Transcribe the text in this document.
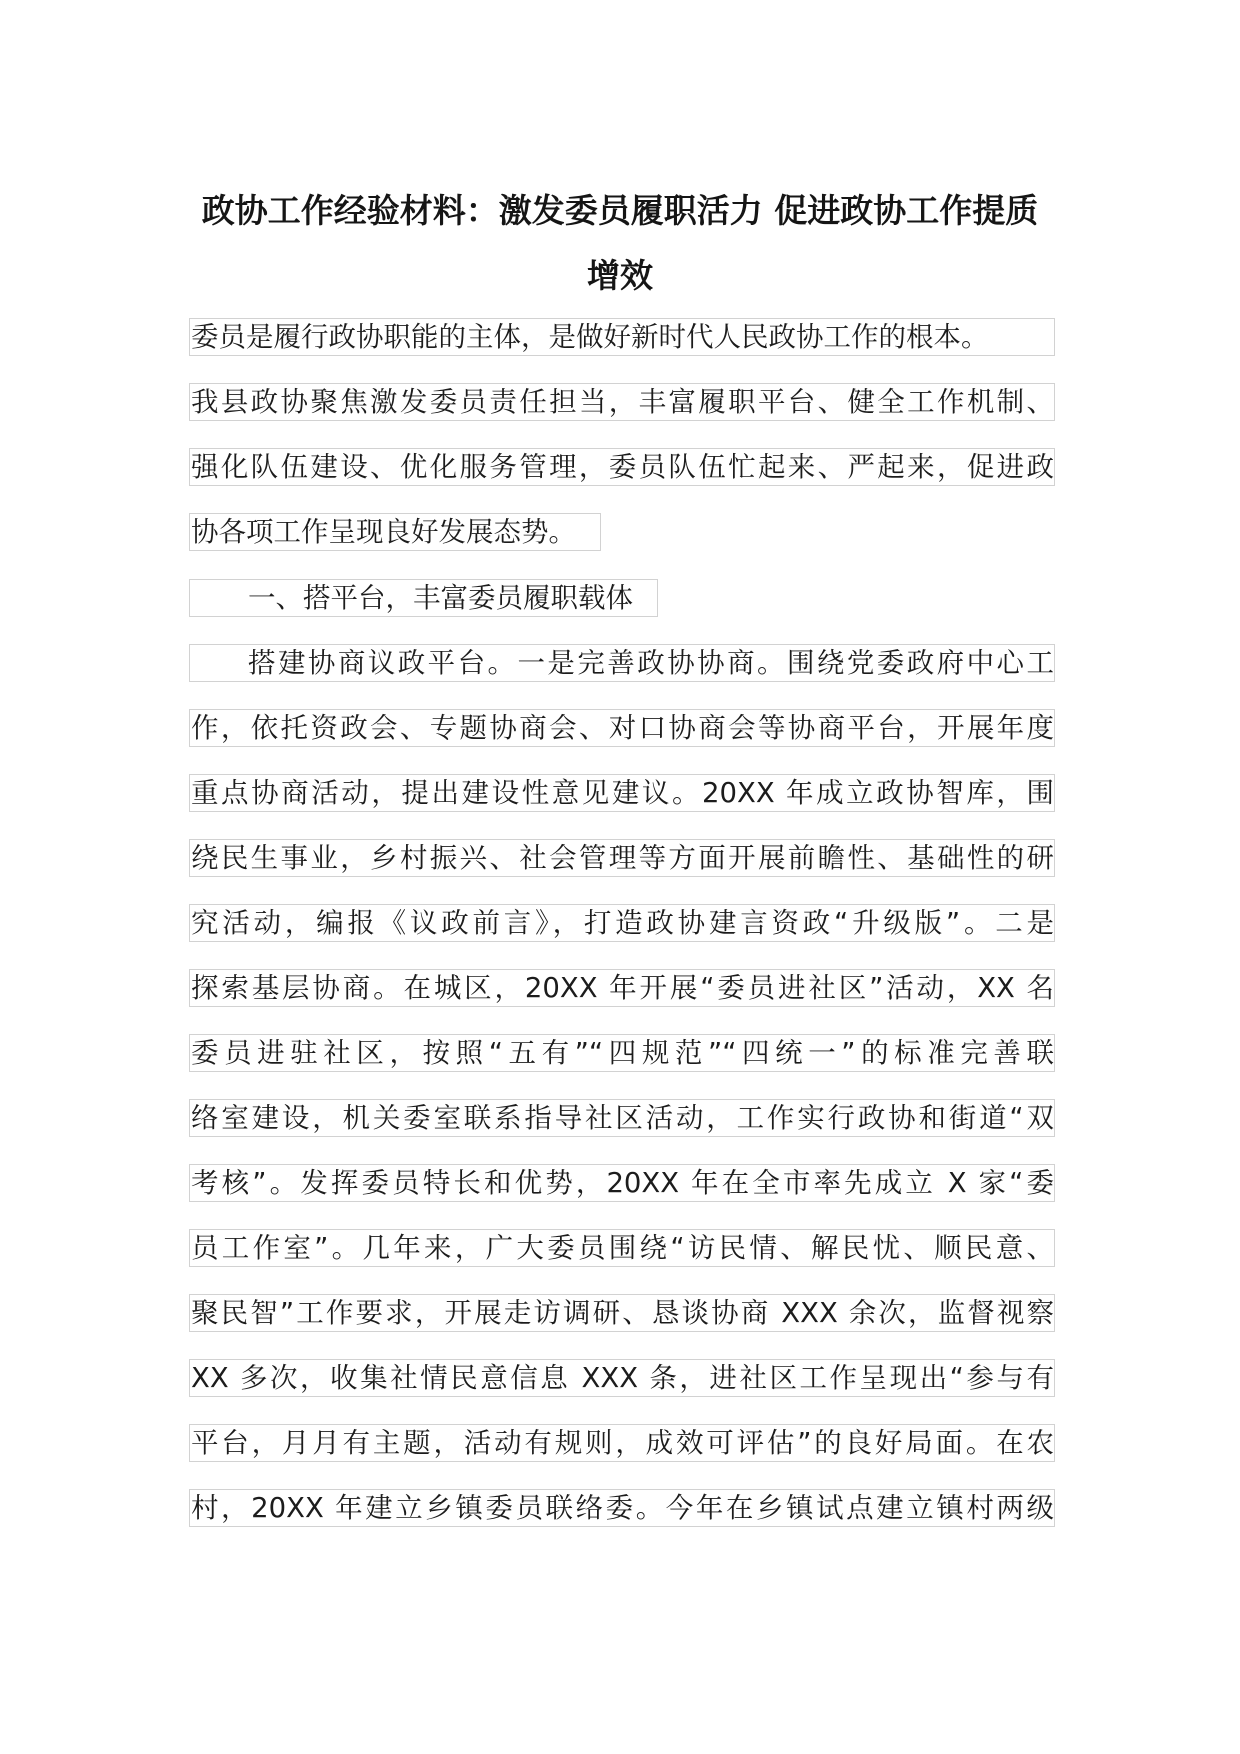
政协工作经验材料：激发委员履职活力 促进政协工作提质
增效
委员是履行政协职能的主体，是做好新时代人民政协工作的根本。
我县政协聚焦激发委员责任担当，丰富履职平台、健全工作机制、
强化队伍建设、优化服务管理，委员队伍忙起来、严起来，促进政
协各项工作呈现良好发展态势。
一、搭平台，丰富委员履职载体
搭建协商议政平台。一是完善政协协商。围绕党委政府中心工
作，依托资政会、专题协商会、对口协商会等协商平台，开展年度
重点协商活动，提出建设性意见建议。20XX 年成立政协智库，围
绕民生事业，乡村振兴、社会管理等方面开展前瞻性、基础性的研
究活动，编报《议政前言》，打造政协建言资政“升级版”。二是
探索基层协商。在城区，20XX 年开展“委员进社区”活动，XX 名
委员进驻社区，按照“五有”“四规范”“四统一”的标准完善联
络室建设，机关委室联系指导社区活动，工作实行政协和街道“双
考核”。发挥委员特长和优势，20XX 年在全市率先成立 X 家“委
员工作室”。几年来，广大委员围绕“访民情、解民忧、顺民意、
聚民智”工作要求，开展走访调研、恳谈协商 XXX 余次，监督视察
XX 多次，收集社情民意信息 XXX 条，进社区工作呈现出“参与有
平台，月月有主题，活动有规则，成效可评估”的良好局面。在农
村，20XX 年建立乡镇委员联络委。今年在乡镇试点建立镇村两级
